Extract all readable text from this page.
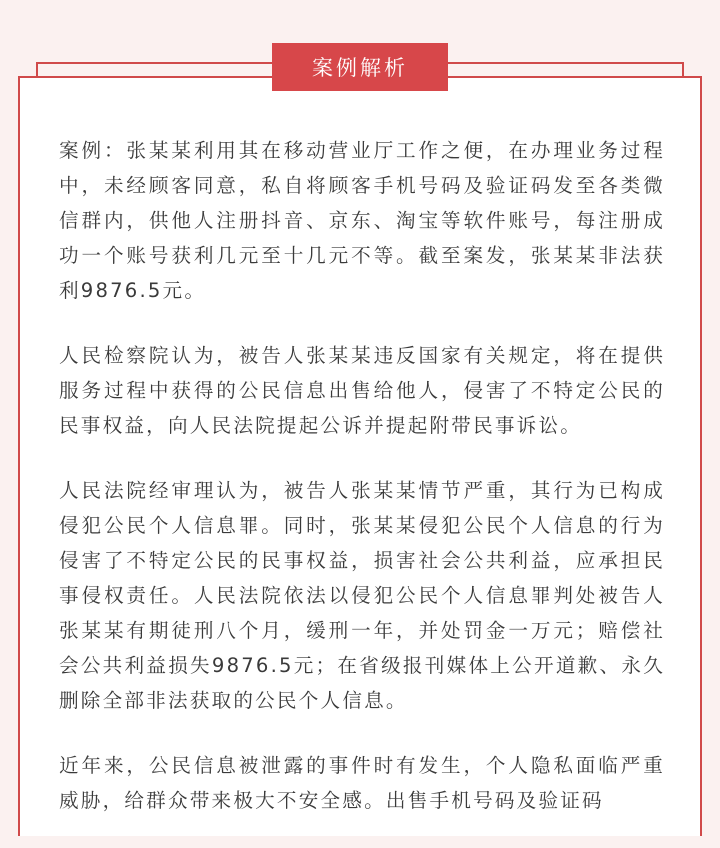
案例：张某某利用其在移动营业厅工作之便，在办理业务过程中，未经顾客同意，私自将顾客手机号码及验证码发至各类微信群内，供他人注册抖音、京东、淘宝等软件账号，每注册成功一个账号获利几元至十几元不等。截至案发，张某某非法获利9876.5元。

人民检察院认为，被告人张某某违反国家有关规定，将在提供服务过程中获得的公民信息出售给他人，侵害了不特定公民的民事权益，向人民法院提起公诉并提起附带民事诉讼。

人民法院经审理认为，被告人张某某情节严重，其行为已构成侵犯公民个人信息罪。同时，张某某侵犯公民个人信息的行为侵害了不特定公民的民事权益，损害社会公共利益，应承担民事侵权责任。人民法院依法以侵犯公民个人信息罪判处被告人张某某有期徒刑八个月，缓刑一年，并处罚金一万元；赔偿社会公共利益损失9876.5元；在省级报刊媒体上公开道歉、永久删除全部非法获取的公民个人信息。

近年来，公民信息被泄露的事件时有发生，个人隐私面临严重威胁，给群众带来极大不安全感。出售手机号码及验证码

案例解析
